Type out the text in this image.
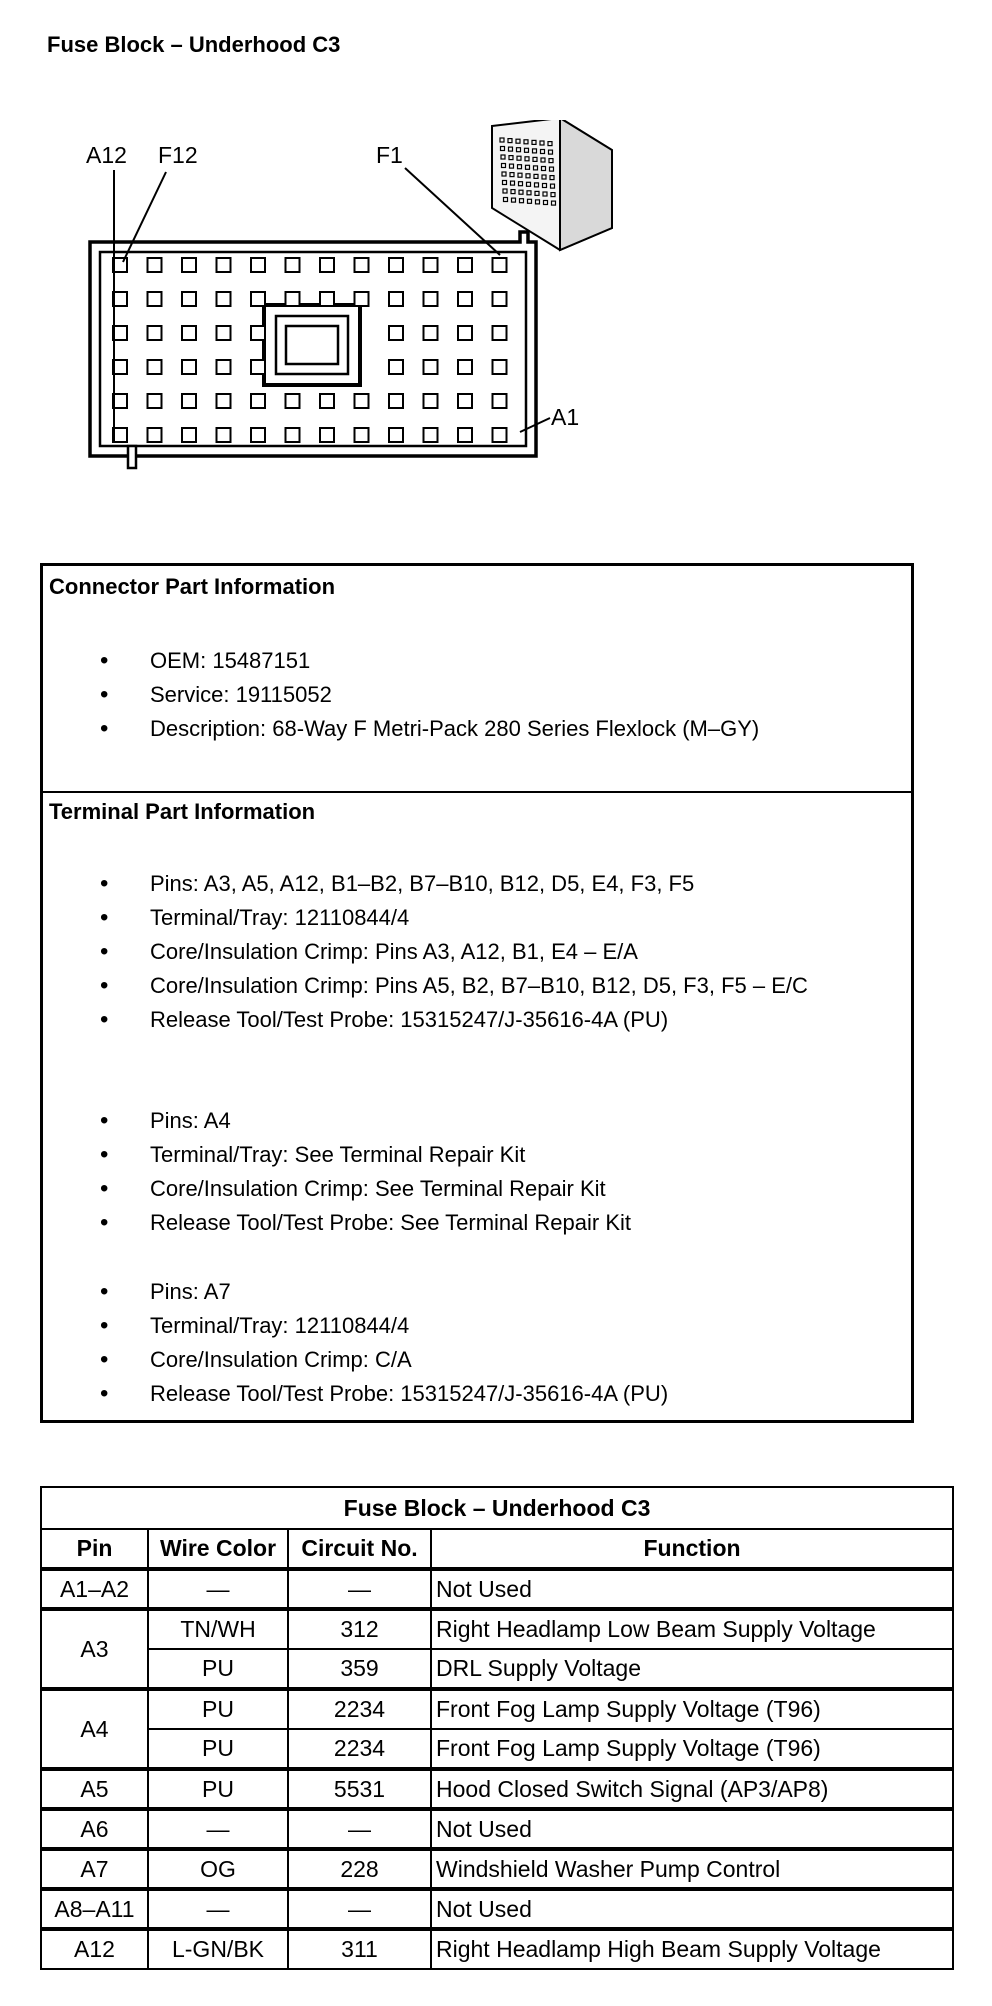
Fuse Block – Underhood C3
A12 F12	F1
A1
Connector Part Information
• OEM: 15487151
• Service: 19115052
• Description: 68-Way F Metri-Pack 280 Series Flexlock (M–GY)
Terminal Part Information
• Pins: A3, A5, A12, B1–B2, B7–B10, B12, D5, E4, F3, F5
• Terminal/Tray: 12110844/4
• Core/Insulation Crimp: Pins A3, A12, B1, E4 – E/A
• Core/Insulation Crimp: Pins A5, B2, B7–B10, B12, D5, F3, F5 – E/C
• Release Tool/Test Probe: 15315247/J-35616-4A (PU)
• Pins: A4
• Terminal/Tray: See Terminal Repair Kit
• Core/Insulation Crimp: See Terminal Repair Kit
• Release Tool/Test Probe: See Terminal Repair Kit
• Pins: A7
• Terminal/Tray: 12110844/4
• Core/Insulation Crimp: C/A
• Release Tool/Test Probe: 15315247/J-35616-4A (PU)
Fuse Block – Underhood C3			
Pin	Wire Color	Circuit No.	Function
A1–A2	—	—	Not Used
A3	TN/WH	312	Right Headlamp Low Beam Supply Voltage
	PU	359	DRL Supply Voltage
A4	PU	2234	Front Fog Lamp Supply Voltage (T96)
	PU	2234	Front Fog Lamp Supply Voltage (T96)
A5	PU	5531	Hood Closed Switch Signal (AP3/AP8)
A6	—	—	Not Used
A7	OG	228	Windshield Washer Pump Control
A8–A11	—	—	Not Used
A12	L-GN/BK	311	Right Headlamp High Beam Supply Voltage
